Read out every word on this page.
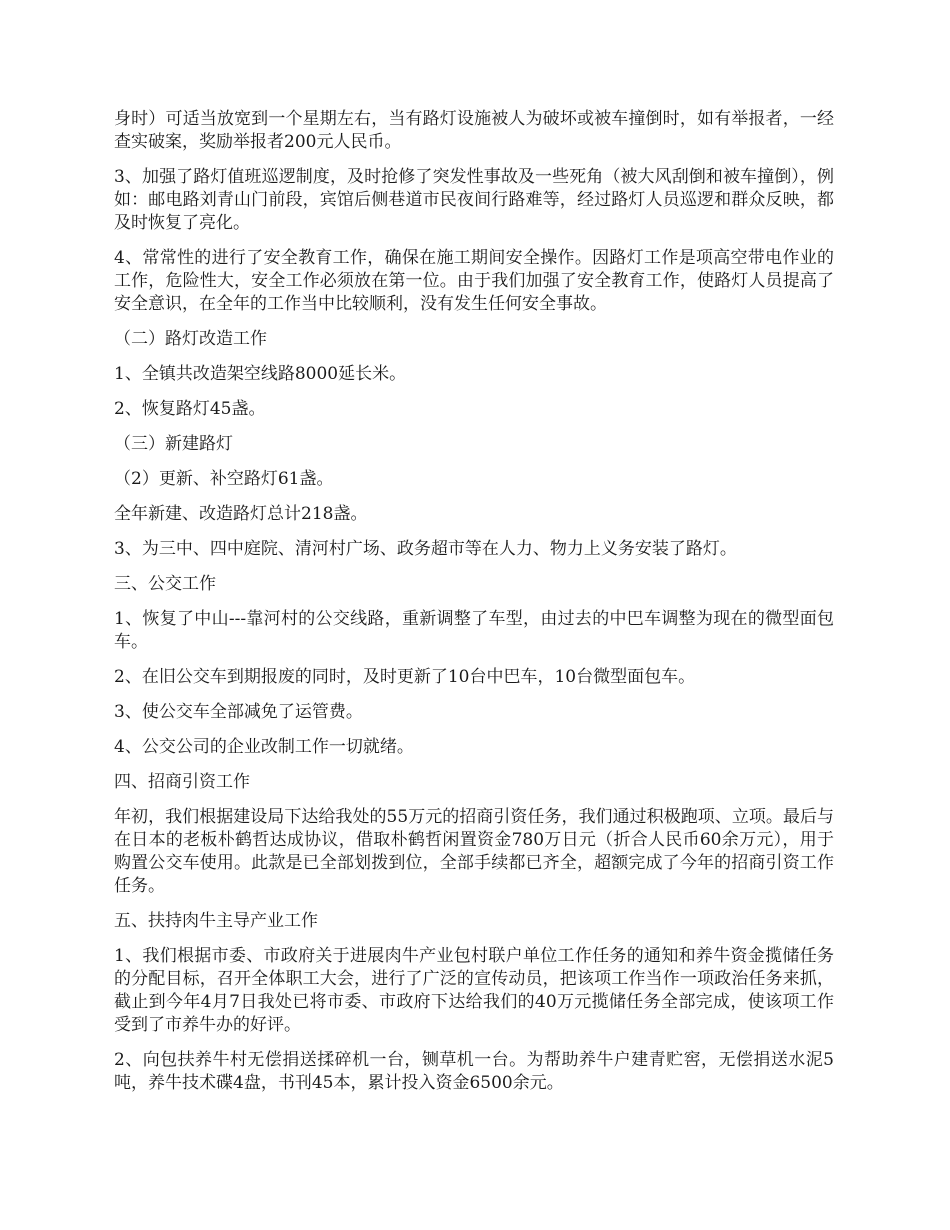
身时）可适当放宽到一个星期左右，当有路灯设施被人为破坏或被车撞倒时，如有举报者，一经查实破案，奖励举报者200元人民币。

3、加强了路灯值班巡逻制度，及时抢修了突发性事故及一些死角（被大风刮倒和被车撞倒），例如：邮电路刘青山门前段，宾馆后侧巷道市民夜间行路难等，经过路灯人员巡逻和群众反映，都及时恢复了亮化。

4、常常性的进行了安全教育工作，确保在施工期间安全操作。因路灯工作是项高空带电作业的工作，危险性大，安全工作必须放在第一位。由于我们加强了安全教育工作，使路灯人员提高了安全意识，在全年的工作当中比较顺利，没有发生任何安全事故。

（二）路灯改造工作

1、全镇共改造架空线路8000延长米。

2、恢复路灯45盏。

（三）新建路灯

（2）更新、补空路灯61盏。

全年新建、改造路灯总计218盏。

3、为三中、四中庭院、清河村广场、政务超市等在人力、物力上义务安装了路灯。

三、公交工作

1、恢复了中山---靠河村的公交线路，重新调整了车型，由过去的中巴车调整为现在的微型面包车。

2、在旧公交车到期报废的同时，及时更新了10台中巴车，10台微型面包车。

3、使公交车全部减免了运管费。

4、公交公司的企业改制工作一切就绪。

四、招商引资工作

年初，我们根据建设局下达给我处的55万元的招商引资任务，我们通过积极跑项、立项。最后与在日本的老板朴鹤哲达成协议，借取朴鹤哲闲置资金780万日元（折合人民币60余万元），用于购置公交车使用。此款是已全部划拨到位，全部手续都已齐全，超额完成了今年的招商引资工作任务。

五、扶持肉牛主导产业工作

1、我们根据市委、市政府关于进展肉牛产业包村联户单位工作任务的通知和养牛资金揽储任务的分配目标，召开全体职工大会，进行了广泛的宣传动员，把该项工作当作一项政治任务来抓，截止到今年4月7日我处已将市委、市政府下达给我们的40万元揽储任务全部完成，使该项工作受到了市养牛办的好评。

2、向包扶养牛村无偿捐送揉碎机一台，铡草机一台。为帮助养牛户建青贮窖，无偿捐送水泥5吨，养牛技术碟4盘，书刊45本，累计投入资金6500余元。
